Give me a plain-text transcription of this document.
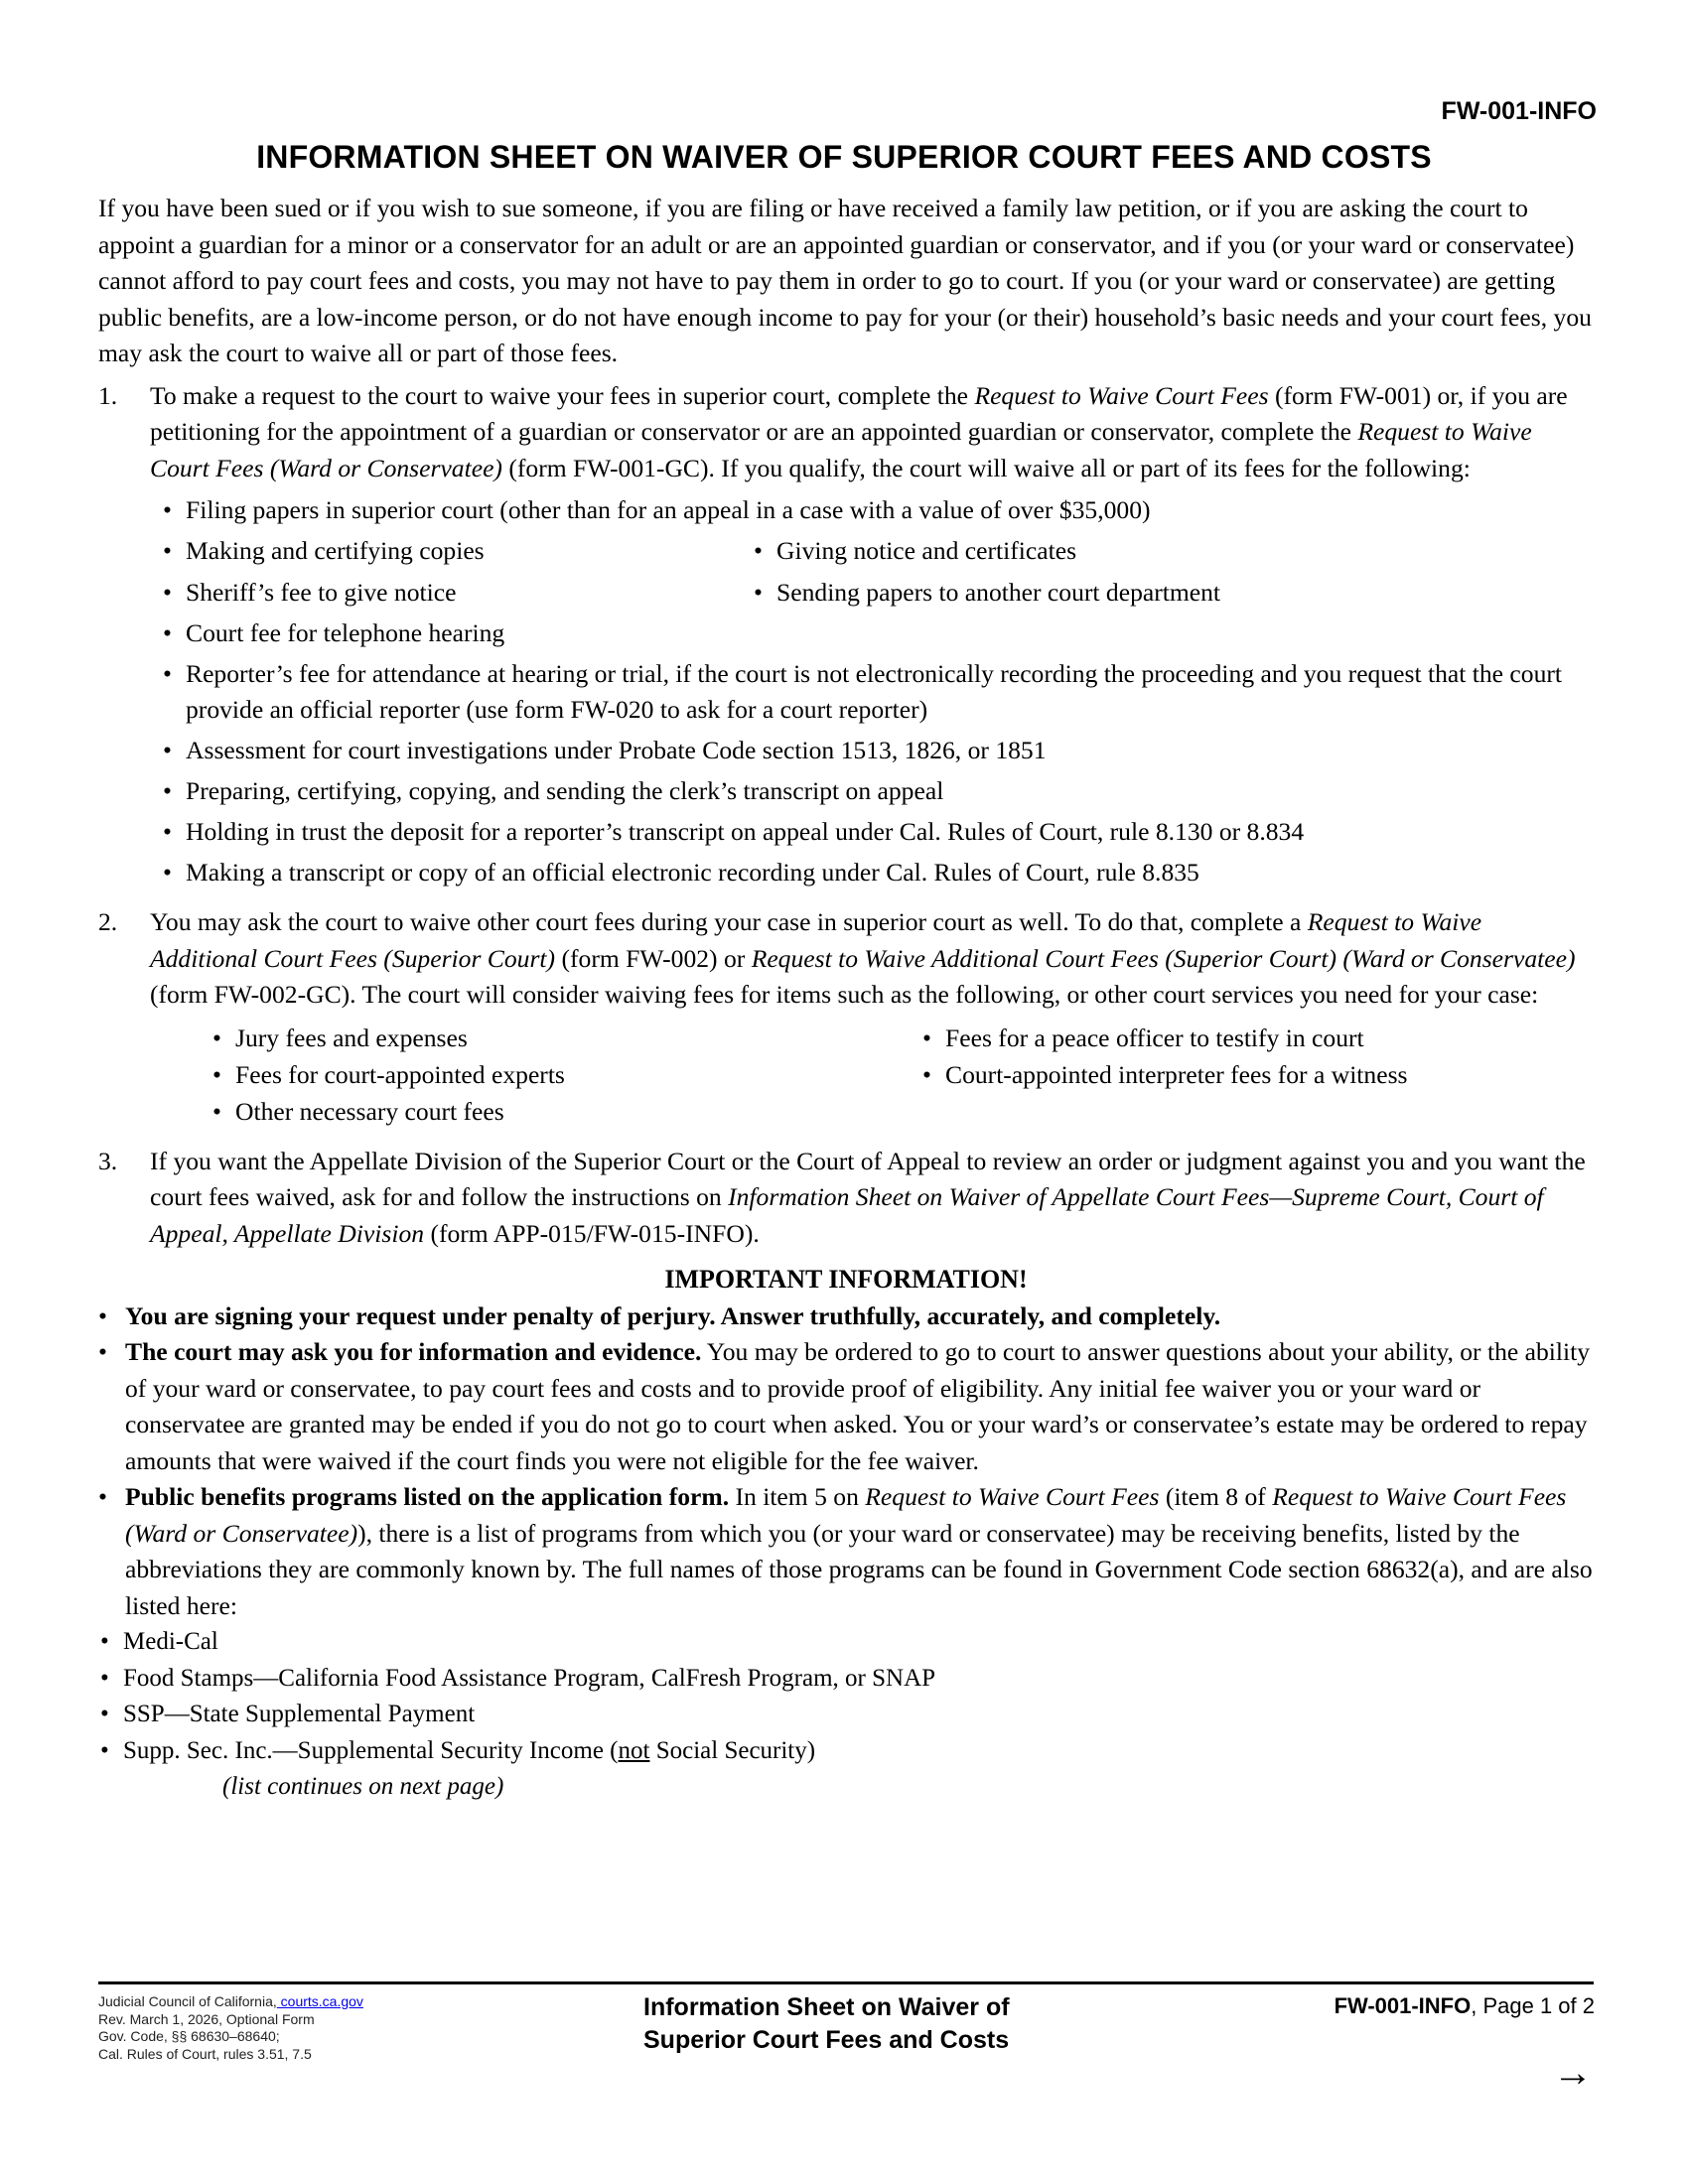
FW-001-INFO
INFORMATION SHEET ON WAIVER OF SUPERIOR COURT FEES AND COSTS

If you have been sued or if you wish to sue someone, if you are filing or have received a family law petition, or if you are asking the court to appoint a guardian for a minor or a conservator for an adult or are an appointed guardian or conservator, and if you (or your ward or conservatee) cannot afford to pay court fees and costs, you may not have to pay them in order to go to court. If you (or your ward or conservatee) are getting public benefits, are a low-income person, or do not have enough income to pay for your (or their) household’s basic needs and your court fees, you may ask the court to waive all or part of those fees.

1. To make a request to the court to waive your fees in superior court, complete the Request to Waive Court Fees (form FW-001) or, if you are petitioning for the appointment of a guardian or conservator or are an appointed guardian or conservator, complete the Request to Waive Court Fees (Ward or Conservatee) (form FW-001-GC). If you qualify, the court will waive all or part of its fees for the following:

• Filing papers in superior court (other than for an appeal in a case with a value of over $35,000)
• Making and certifying copies
• Sheriff’s fee to give notice
• Giving notice and certificates
• Sending papers to another court department
• Court fee for telephone hearing
• Reporter’s fee for attendance at hearing or trial, if the court is not electronically recording the proceeding and you request that the court provide an official reporter (use form FW-020 to ask for a court reporter)
• Assessment for court investigations under Probate Code section 1513, 1826, or 1851
• Preparing, certifying, copying, and sending the clerk’s transcript on appeal
• Holding in trust the deposit for a reporter’s transcript on appeal under Cal. Rules of Court, rule 8.130 or 8.834
• Making a transcript or copy of an official electronic recording under Cal. Rules of Court, rule 8.835
2. You may ask the court to waive other court fees during your case in superior court as well. To do that, complete a Request to Waive Additional Court Fees (Superior Court) (form FW-002) or Request to Waive Additional Court Fees (Superior Court) (Ward or Conservatee) (form FW-002-GC). The court will consider waiving fees for items such as the following, or other court services you need for your case:

• Jury fees and expenses	• Fees for a peace officer to testify in court
• Fees for court-appointed experts	• Court-appointed interpreter fees for a witness
• Other necessary court fees
3. If you want the Appellate Division of the Superior Court or the Court of Appeal to review an order or judgment against you and you want the court fees waived, ask for and follow the instructions on Information Sheet on Waiver of Appellate Court Fees—Supreme Court, Court of Appeal, Appellate Division (form APP-015/FW-015-INFO).

IMPORTANT INFORMATION!
• You are signing your request under penalty of perjury. Answer truthfully, accurately, and completely.
• The court may ask you for information and evidence. You may be ordered to go to court to answer questions about your ability, or the ability of your ward or conservatee, to pay court fees and costs and to provide proof of eligibility. Any initial fee waiver you or your ward or conservatee are granted may be ended if you do not go to court when asked. You or your ward’s or conservatee’s estate may be ordered to repay amounts that were waived if the court finds you were not eligible for the fee waiver.
• Public benefits programs listed on the application form. In item 5 on Request to Waive Court Fees (item 8 of Request to Waive Court Fees (Ward or Conservatee)), there is a list of programs from which you (or your ward or conservatee) may be receiving benefits, listed by the abbreviations they are commonly known by. The full names of those programs can be found in Government Code section 68632(a), and are also listed here:
• Medi-Cal
• Food Stamps—California Food Assistance Program, CalFresh Program, or SNAP
• SSP—State Supplemental Payment
• Supp. Sec. Inc.—Supplemental Security Income (not Social Security)
(list continues on next page)
Judicial Council of California, courts.ca.gov
Rev. March 1, 2026, Optional Form
Gov. Code, §§ 68630–68640;
Cal. Rules of Court, rules 3.51, 7.5
Information Sheet on Waiver of
Superior Court Fees and Costs
FW-001-INFO, Page 1 of 2
→
